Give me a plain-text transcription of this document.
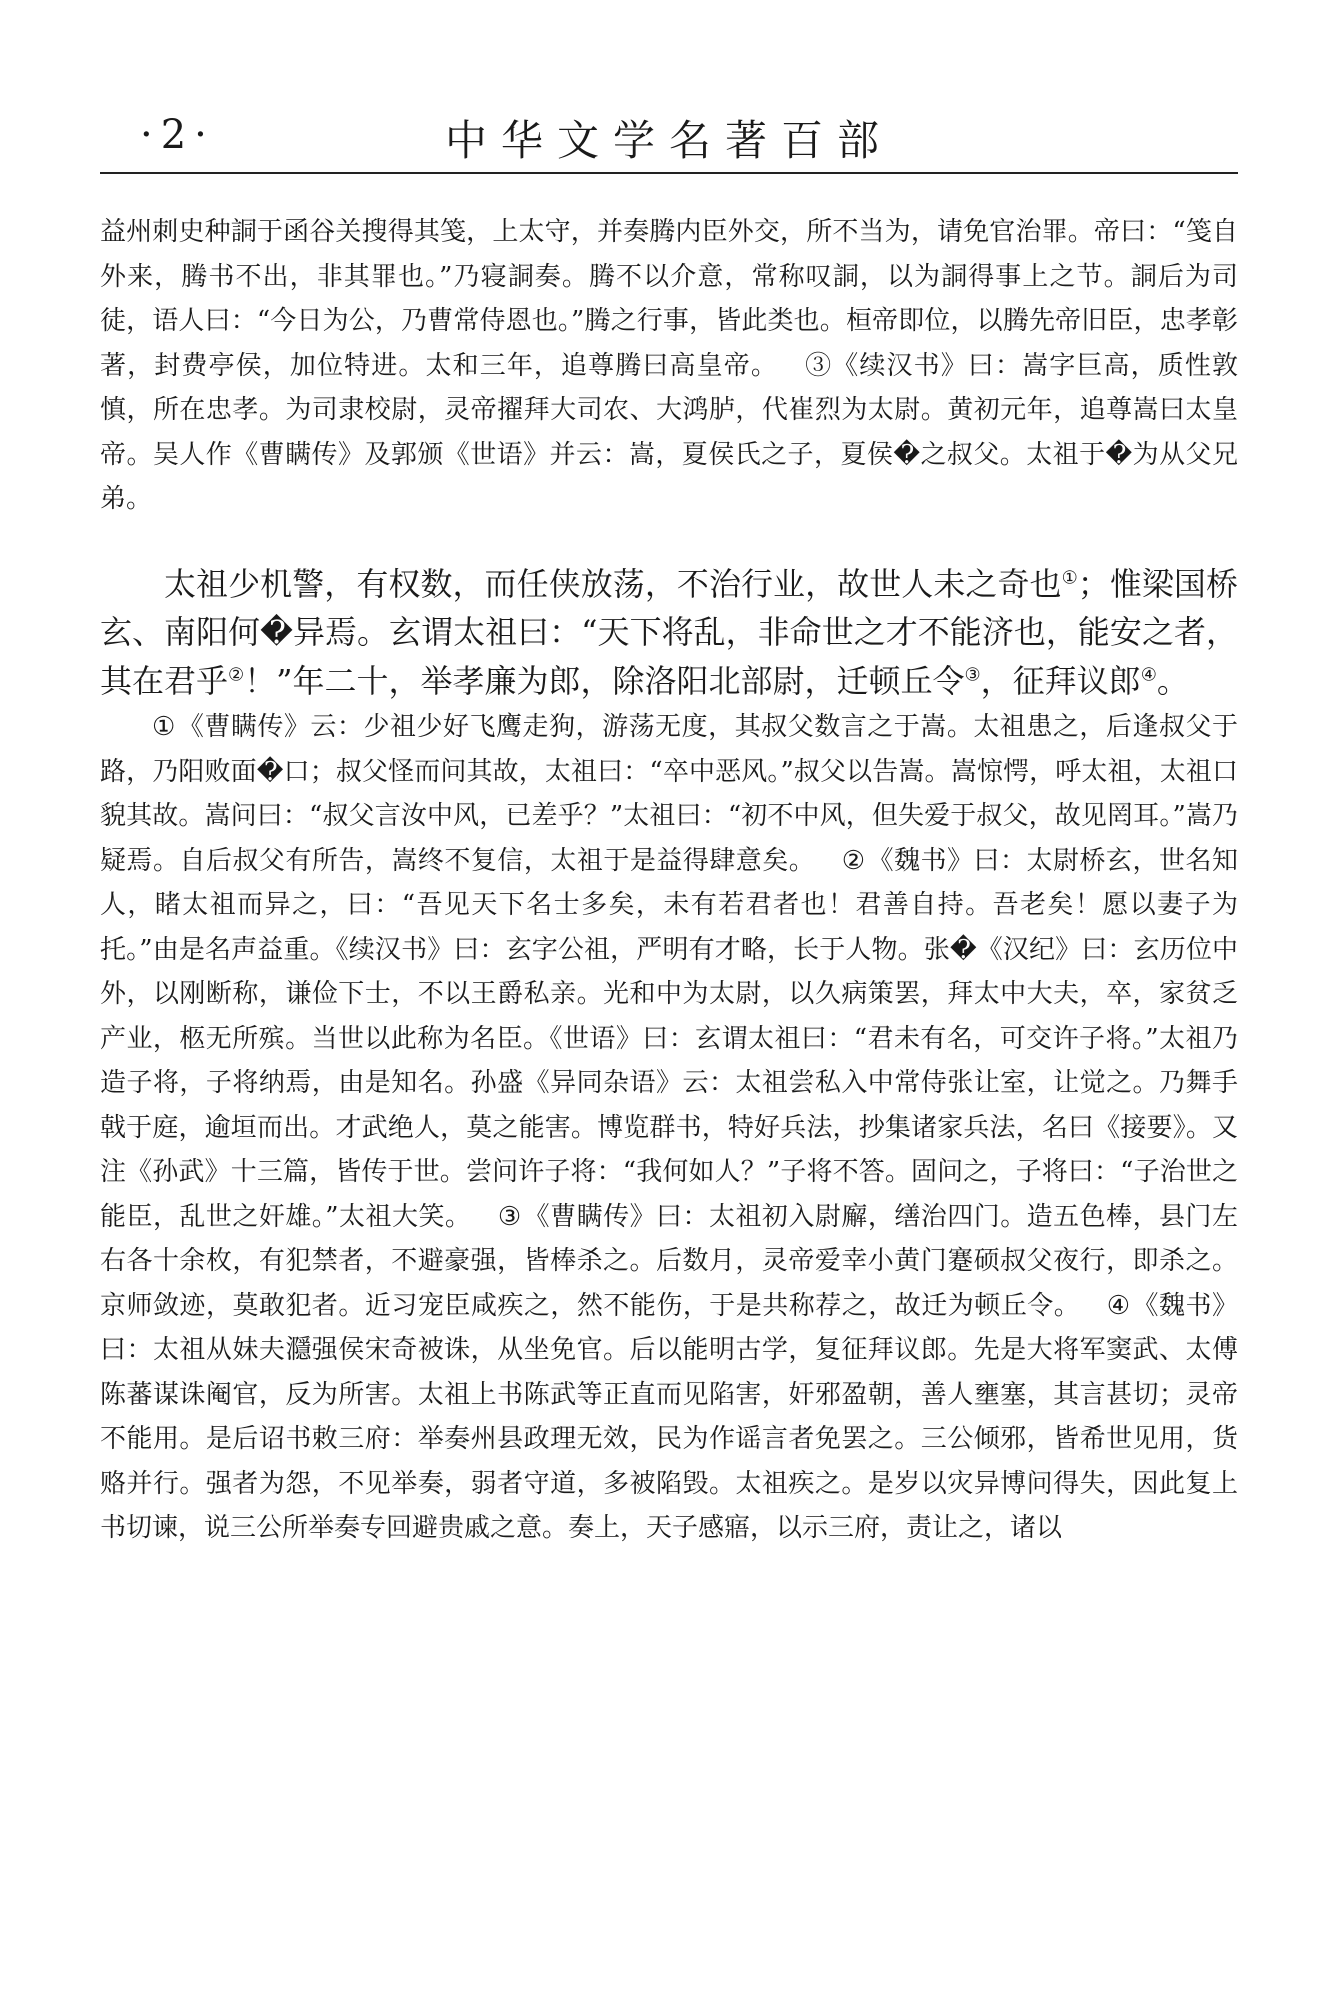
·2·	中华文学名著百部

益州刺史种詷于函谷关搜得其笺，上太守，并奏腾内臣外交，所不当为，请免官治罪。帝曰：“笺自外来，腾书不出，非其罪也。”乃寝詷奏。腾不以介意，常称叹詷，以为詷得事上之节。詷后为司徒，语人曰：“今日为公，乃曹常侍恩也。”腾之行事，皆此类也。桓帝即位，以腾先帝旧臣，忠孝彰著，封费亭侯，加位特进。太和三年，追尊腾曰高皇帝。 ③《续汉书》曰：嵩字巨高，质性敦慎，所在忠孝。为司隶校尉，灵帝擢拜大司农、大鸿胪，代崔烈为太尉。黄初元年，追尊嵩曰太皇帝。吴人作《曹瞒传》及郭颁《世语》并云：嵩，夏侯氏之子，夏侯�之叔父。太祖于�为从父兄弟。

太祖少机警，有权数，而任侠放荡，不治行业，故世人未之奇也①；惟梁国桥玄、南阳何�异焉。玄谓太祖曰：“天下将乱，非命世之才不能济也，能安之者，其在君乎②！”年二十，举孝廉为郎，除洛阳北部尉，迁顿丘令③，征拜议郎④。

①《曹瞒传》云：少祖少好飞鹰走狗，游荡无度，其叔父数言之于嵩。太祖患之，后逢叔父于路，乃阳败面�口；叔父怪而问其故，太祖曰：“卒中恶风。”叔父以告嵩。嵩惊愕，呼太祖，太祖口貌其故。嵩问曰：“叔父言汝中风，已差乎？”太祖曰：“初不中风，但失爱于叔父，故见罔耳。”嵩乃疑焉。自后叔父有所告，嵩终不复信，太祖于是益得肆意矣。 ②《魏书》曰：太尉桥玄，世名知人，睹太祖而异之，曰：“吾见天下名士多矣，未有若君者也！君善自持。吾老矣！愿以妻子为托。”由是名声益重。《续汉书》曰：玄字公祖，严明有才略，长于人物。张�《汉纪》曰：玄历位中外，以刚断称，谦俭下士，不以王爵私亲。光和中为太尉，以久病策罢，拜太中大夫，卒，家贫乏产业，柩无所殡。当世以此称为名臣。《世语》曰：玄谓太祖曰：“君未有名，可交许子将。”太祖乃造子将，子将纳焉，由是知名。孙盛《异同杂语》云：太祖尝私入中常侍张让室，让觉之。乃舞手戟于庭，逾垣而出。才武绝人，莫之能害。博览群书，特好兵法，抄集诸家兵法，名曰《接要》。又注《孙武》十三篇，皆传于世。尝问许子将：“我何如人？”子将不答。固问之，子将曰：“子治世之能臣，乱世之奸雄。”太祖大笑。 ③《曹瞒传》曰：太祖初入尉廨，缮治四门。造五色棒，县门左右各十余枚，有犯禁者，不避豪强，皆棒杀之。后数月，灵帝爱幸小黄门蹇硕叔父夜行，即杀之。京师敛迹，莫敢犯者。近习宠臣咸疾之，然不能伤，于是共称荐之，故迁为顿丘令。 ④《魏书》曰：太祖从妹夫㶏强侯宋奇被诛，从坐免官。后以能明古学，复征拜议郎。先是大将军窦武、太傅陈蕃谋诛阉官，反为所害。太祖上书陈武等正直而见陷害，奸邪盈朝，善人壅塞，其言甚切；灵帝不能用。是后诏书敕三府：举奏州县政理无效，民为作谣言者免罢之。三公倾邪，皆希世见用，货赂并行。强者为怨，不见举奏，弱者守道，多被陷毁。太祖疾之。是岁以灾异博问得失，因此复上书切谏，说三公所举奏专回避贵戚之意。奏上，天子感寤，以示三府，责让之，诸以
